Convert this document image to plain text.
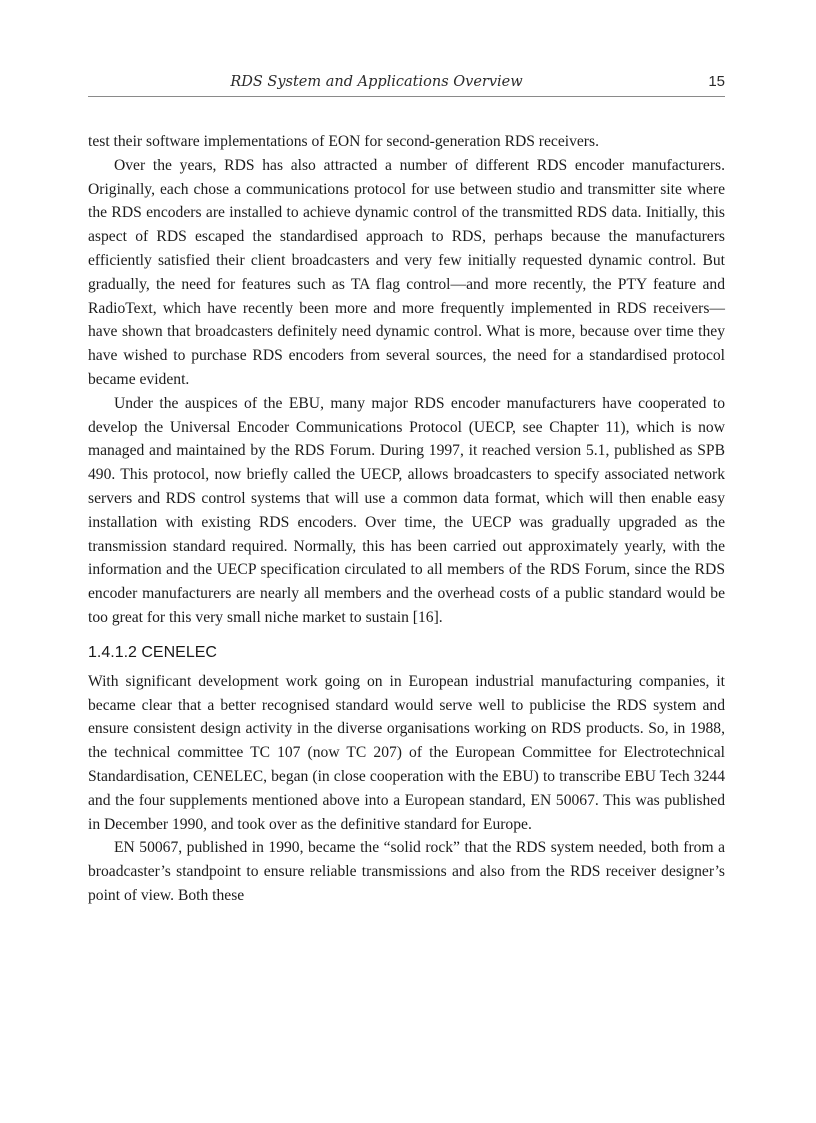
RDS System and Applications Overview	15

test their software implementations of EON for second-generation RDS receivers.

Over the years, RDS has also attracted a number of different RDS encoder manufacturers. Originally, each chose a communications protocol for use between studio and transmitter site where the RDS encoders are installed to achieve dynamic control of the transmitted RDS data. Initially, this aspect of RDS escaped the standardised approach to RDS, perhaps because the manufacturers efficiently satisfied their client broadcasters and very few initially requested dynamic control. But gradually, the need for features such as TA flag control—and more recently, the PTY feature and RadioText, which have recently been more and more frequently implemented in RDS receivers—have shown that broadcasters definitely need dynamic control. What is more, because over time they have wished to purchase RDS encoders from several sources, the need for a standardised protocol became evident.

Under the auspices of the EBU, many major RDS encoder manufacturers have cooperated to develop the Universal Encoder Communications Protocol (UECP, see Chapter 11), which is now managed and maintained by the RDS Forum. During 1997, it reached version 5.1, published as SPB 490. This protocol, now briefly called the UECP, allows broadcasters to specify associated network servers and RDS control systems that will use a common data format, which will then enable easy installation with existing RDS encoders. Over time, the UECP was gradually upgraded as the transmission standard required. Normally, this has been carried out approximately yearly, with the information and the UECP specification circulated to all members of the RDS Forum, since the RDS encoder manufacturers are nearly all members and the overhead costs of a public standard would be too great for this very small niche market to sustain [16].

1.4.1.2 CENELEC

With significant development work going on in European industrial manufacturing companies, it became clear that a better recognised standard would serve well to publicise the RDS system and ensure consistent design activity in the diverse organisations working on RDS products. So, in 1988, the technical committee TC 107 (now TC 207) of the European Committee for Electrotechnical Standardisation, CENELEC, began (in close cooperation with the EBU) to transcribe EBU Tech 3244 and the four supplements mentioned above into a European standard, EN 50067. This was published in December 1990, and took over as the definitive standard for Europe.

EN 50067, published in 1990, became the “solid rock” that the RDS system needed, both from a broadcaster’s standpoint to ensure reliable transmissions and also from the RDS receiver designer’s point of view. Both these
